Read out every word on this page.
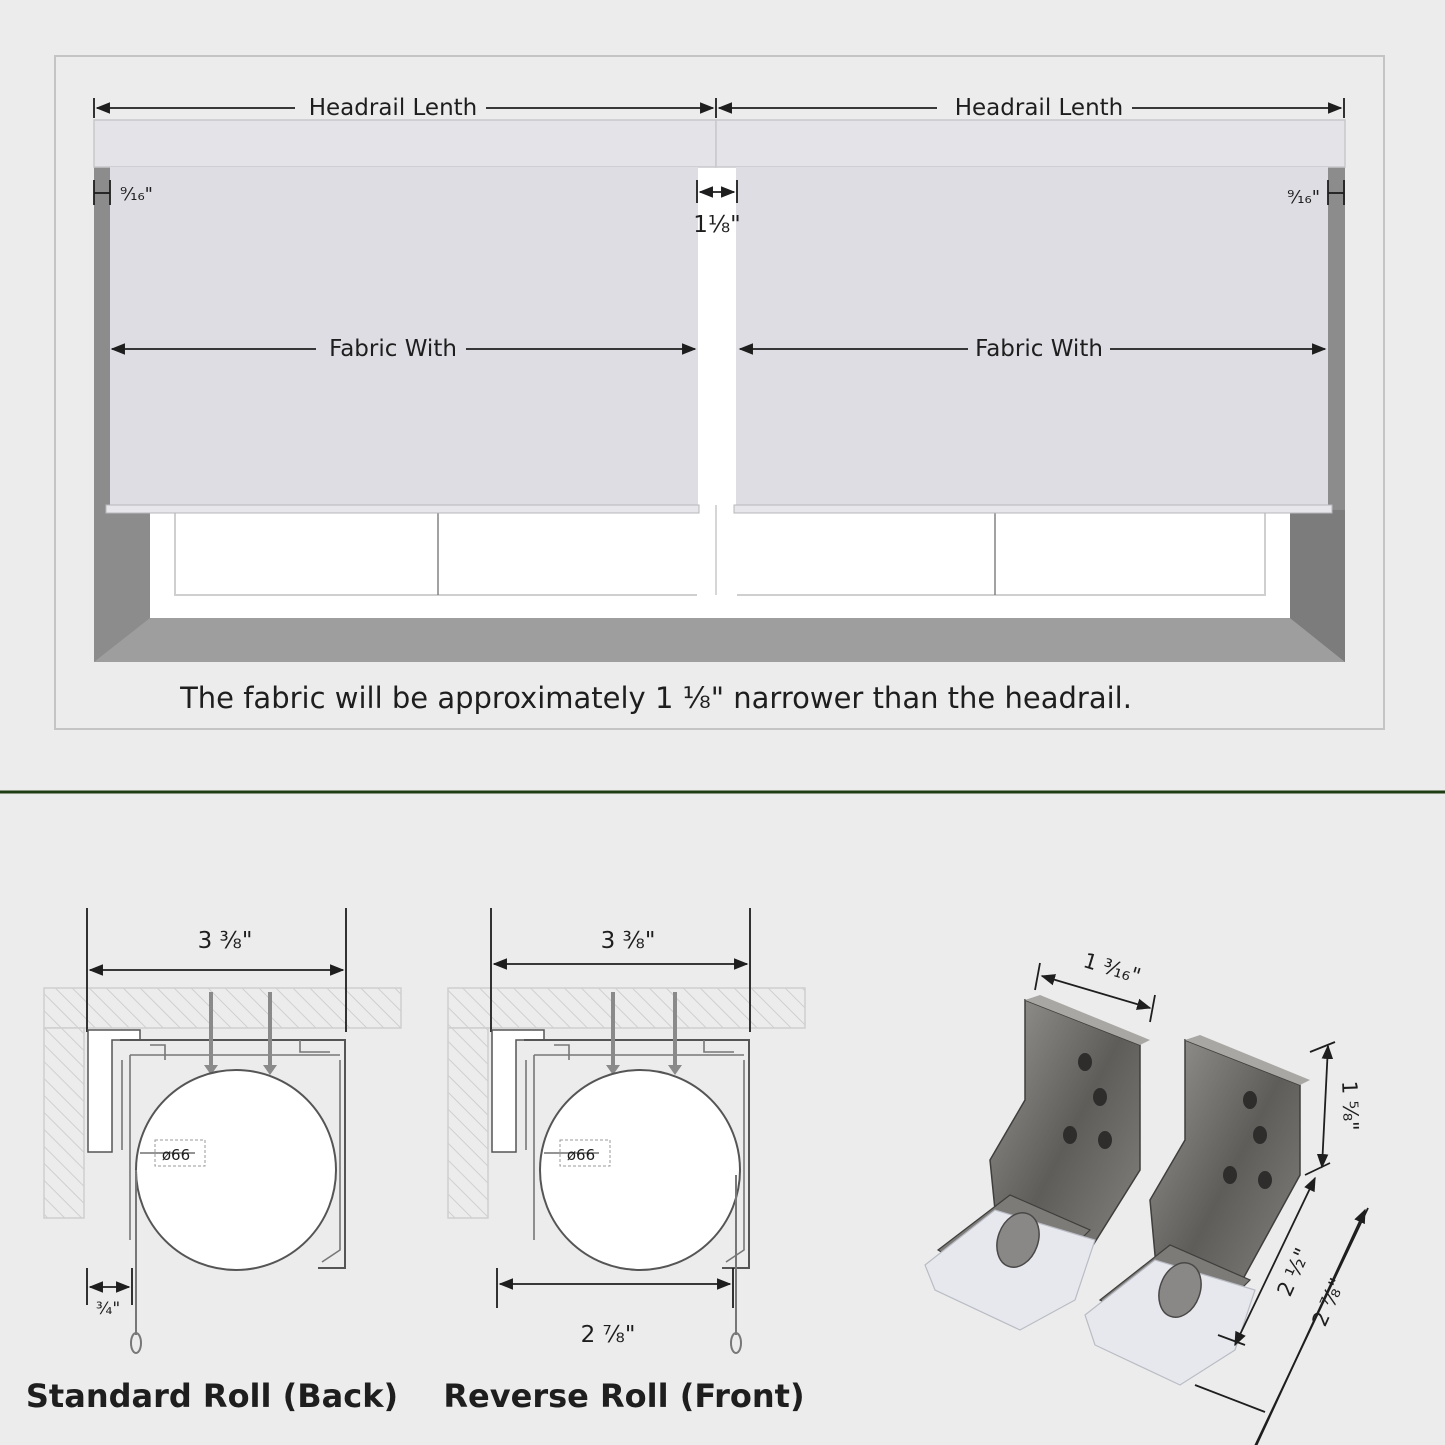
Headrail Lenth	Headrail Lenth
⁹⁄₁₆"	⁹⁄₁₆"
1⅛"
Fabric With	Fabric With
The fabric will be approximately 1 ⅛" narrower than the headrail.
3 ⅜"
ø66
¾"
Standard Roll (Back)
3 ⅜"
ø66
2 ⅞"
Reverse Roll (Front)
1 ³⁄₁₆"
1 ⅝"
2 ½"
2 ⅞"
